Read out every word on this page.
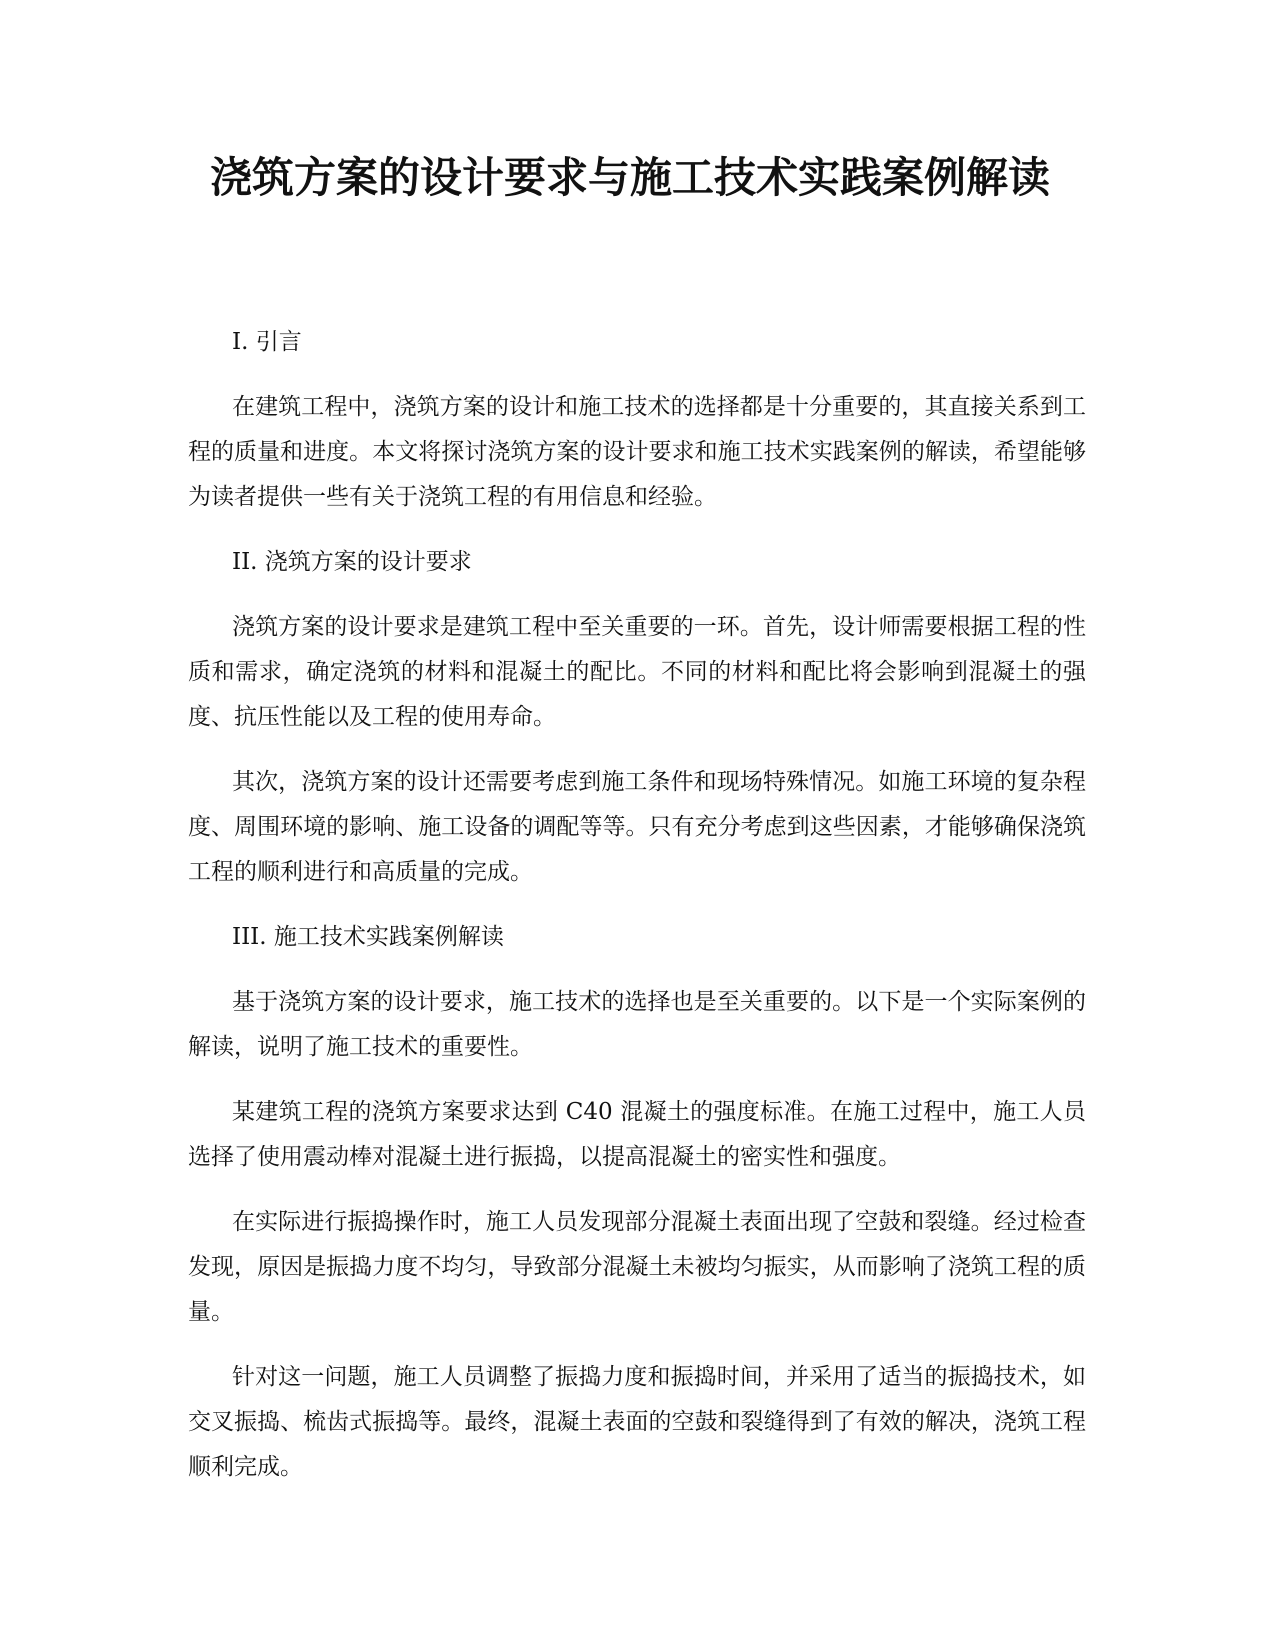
浇筑方案的设计要求与施工技术实践案例解读

I. 引言

在建筑工程中，浇筑方案的设计和施工技术的选择都是十分重要的，其直接关系到工程的质量和进度。本文将探讨浇筑方案的设计要求和施工技术实践案例的解读，希望能够为读者提供一些有关于浇筑工程的有用信息和经验。

II. 浇筑方案的设计要求

浇筑方案的设计要求是建筑工程中至关重要的一环。首先，设计师需要根据工程的性质和需求，确定浇筑的材料和混凝土的配比。不同的材料和配比将会影响到混凝土的强度、抗压性能以及工程的使用寿命。

其次，浇筑方案的设计还需要考虑到施工条件和现场特殊情况。如施工环境的复杂程度、周围环境的影响、施工设备的调配等等。只有充分考虑到这些因素，才能够确保浇筑工程的顺利进行和高质量的完成。

III. 施工技术实践案例解读

基于浇筑方案的设计要求，施工技术的选择也是至关重要的。以下是一个实际案例的解读，说明了施工技术的重要性。

某建筑工程的浇筑方案要求达到 C40 混凝土的强度标准。在施工过程中，施工人员选择了使用震动棒对混凝土进行振捣，以提高混凝土的密实性和强度。

在实际进行振捣操作时，施工人员发现部分混凝土表面出现了空鼓和裂缝。经过检查发现，原因是振捣力度不均匀，导致部分混凝土未被均匀振实，从而影响了浇筑工程的质量。

针对这一问题，施工人员调整了振捣力度和振捣时间，并采用了适当的振捣技术，如交叉振捣、梳齿式振捣等。最终，混凝土表面的空鼓和裂缝得到了有效的解决，浇筑工程顺利完成。
